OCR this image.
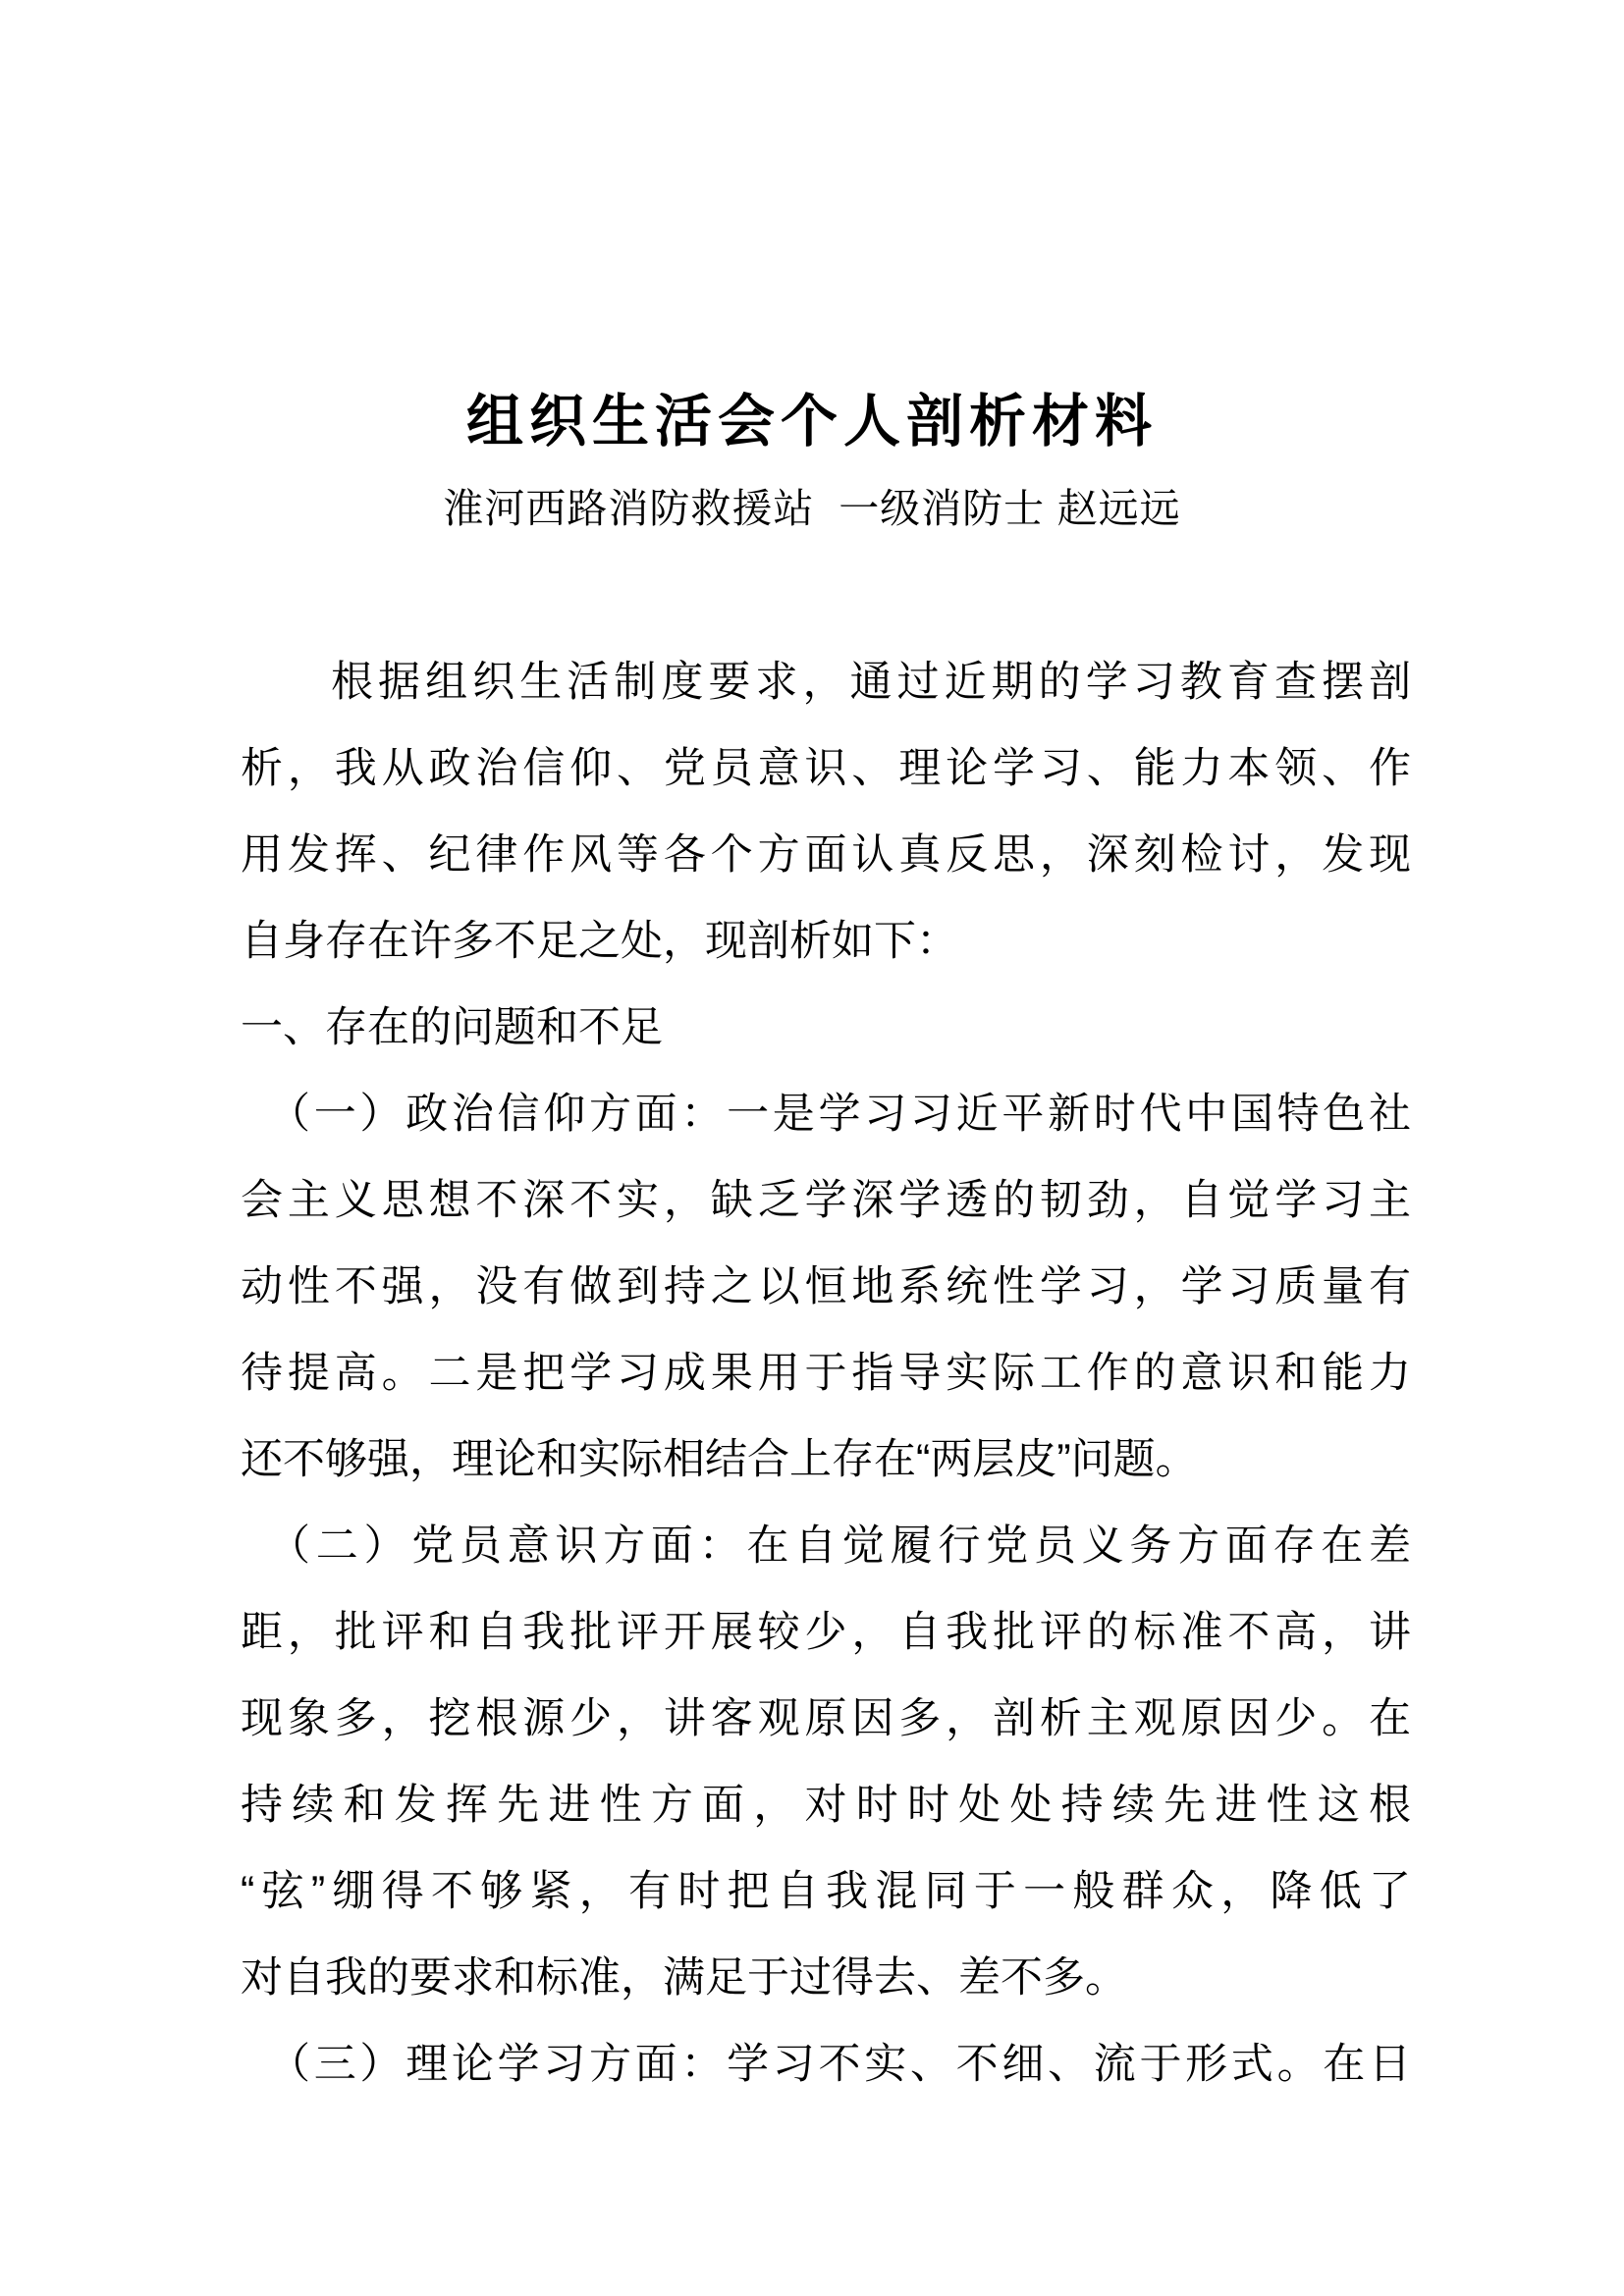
组织生活会个人剖析材料
淮河西路消防救援站  一级消防士 赵远远
根据组织生活制度要求，通过近期的学习教育查摆剖
析，我从政治信仰、党员意识、理论学习、能力本领、作
用发挥、纪律作风等各个方面认真反思，深刻检讨，发现
自身存在许多不足之处，现剖析如下：
一、存在的问题和不足
（一）政治信仰方面：一是学习习近平新时代中国特色社
会主义思想不深不实，缺乏学深学透的韧劲，自觉学习主
动性不强，没有做到持之以恒地系统性学习，学习质量有
待提高。二是把学习成果用于指导实际工作的意识和能力
还不够强，理论和实际相结合上存在“两层皮”问题。
（二）党员意识方面：在自觉履行党员义务方面存在差
距，批评和自我批评开展较少，自我批评的标准不高，讲
现象多，挖根源少，讲客观原因多，剖析主观原因少。在
持续和发挥先进性方面，对时时处处持续先进性这根
“弦”绷得不够紧，有时把自我混同于一般群众，降低了
对自我的要求和标准，满足于过得去、差不多。
（三）理论学习方面：学习不实、不细、流于形式。在日
